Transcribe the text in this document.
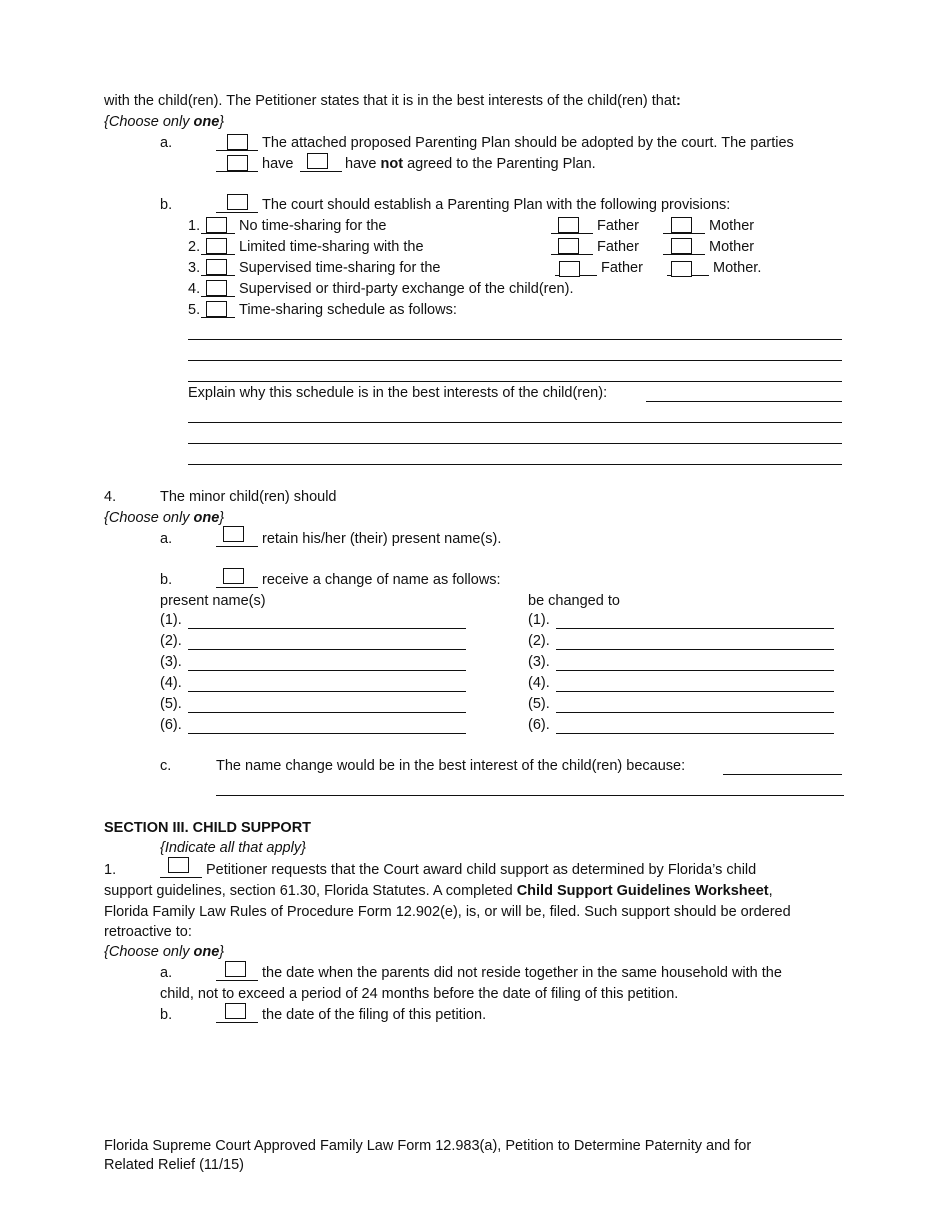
with the child(ren). The Petitioner states that it is in the best interests of the child(ren) that:
{Choose only one}
a.	The attached proposed Parenting Plan should be adopted by the court. The parties
have	have not agreed to the Parenting Plan.
b.	The court should establish a Parenting Plan with the following provisions:
1.	No time-sharing for the	Father	Mother
2.	Limited time-sharing with the	Father	Mother
3.	Supervised time-sharing for the	Father	Mother.
4.	Supervised or third-party exchange of the child(ren).
5.	Time-sharing schedule as follows:
Explain why this schedule is in the best interests of the child(ren):
4.	The minor child(ren) should
{Choose only one}
a.	retain his/her (their) present name(s).
b.	receive a change of name as follows:
present name(s)	be changed to
(1).	(1).
(2).	(2).
(3).	(3).
(4).	(4).
(5).	(5).
(6).	(6).
c.	The name change would be in the best interest of the child(ren) because:
SECTION III. CHILD SUPPORT
{Indicate all that apply}
1.	Petitioner requests that the Court award child support as determined by Florida’s child
support guidelines, section 61.30, Florida Statutes. A completed Child Support Guidelines Worksheet,
Florida Family Law Rules of Procedure Form 12.902(e), is, or will be, filed. Such support should be ordered
retroactive to:
{Choose only one}
a.	the date when the parents did not reside together in the same household with the
child, not to exceed a period of 24 months before the date of filing of this petition.
b.	the date of the filing of this petition.
Florida Supreme Court Approved Family Law Form 12.983(a), Petition to Determine Paternity and for
Related Relief (11/15)
